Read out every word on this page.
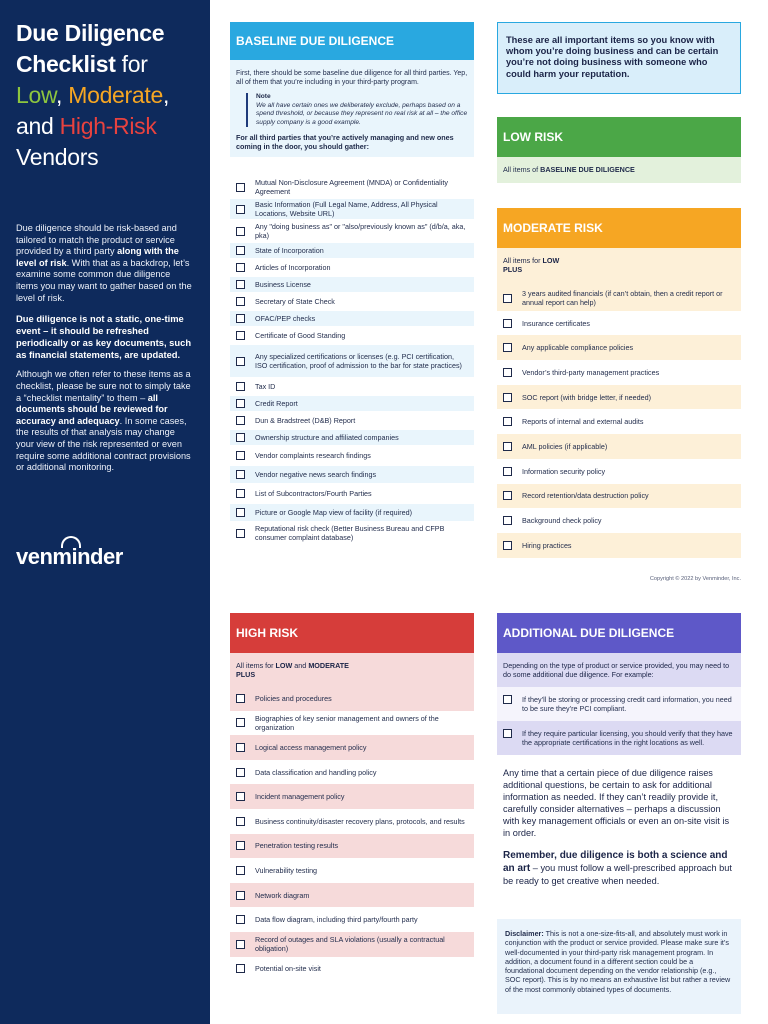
Due Diligence
Checklist for
Low, Moderate,
and High-Risk
Vendors

Due diligence should be risk-based and tailored to match the product or service provided by a third party along with the level of risk. With that as a backdrop, let’s examine some common due diligence items you may want to gather based on the level of risk.

Due diligence is not a static, one-time event – it should be refreshed periodically or as key documents, such as financial statements, are updated.

Although we often refer to these items as a checklist, please be sure not to simply take a “checklist mentality” to them – all documents should be reviewed for accuracy and adequacy. In some cases, the results of that analysis may change your view of the risk represented or even require some additional contract provisions or additional monitoring.

venminder
BASELINE DUE DILIGENCE
First, there should be some baseline due diligence for all third parties. Yep, all of them that you’re including in your third-party program.
Note
We all have certain ones we deliberately exclude, perhaps based on a spend threshold, or because they represent no real risk at all – the office supply company is a good example.
For all third parties that you’re actively managing and new ones coming in the door, you should gather:
Mutual Non-Disclosure Agreement (MNDA) or Confidentiality Agreement
Basic Information (Full Legal Name, Address, All Physical Locations, Website URL)
Any "doing business as" or "also/previously known as" (d/b/a, aka, pka)
State of Incorporation
Articles of Incorporation
Business License
Secretary of State Check
OFAC/PEP checks
Certificate of Good Standing
Any specialized certifications or licenses (e.g. PCI certification, ISO certification, proof of admission to the bar for state practices)
Tax ID
Credit Report
Dun & Bradstreet (D&B) Report
Ownership structure and affiliated companies
Vendor complaints research findings
Vendor negative news search findings
List of Subcontractors/Fourth Parties
Picture or Google Map view of facility (if required)
Reputational risk check (Better Business Bureau and CFPB consumer complaint database)
These are all important items so you know with whom you’re doing business and can be certain you’re not doing business with someone who could harm your reputation.
LOW RISK
All items of BASELINE DUE DILIGENCE
MODERATE RISK
All items for LOW
PLUS
3 years audited financials (if can’t obtain, then a credit report or annual report can help)
Insurance certificates
Any applicable compliance policies
Vendor’s third-party management practices
SOC report (with bridge letter, if needed)
Reports of internal and external audits
AML policies (if applicable)
Information security policy
Record retention/data destruction policy
Background check policy
Hiring practices
Copyright © 2022 by Venminder, Inc.
HIGH RISK
All items for LOW and MODERATE
PLUS
Policies and procedures
Biographies of key senior management and owners of the organization
Logical access management policy
Data classification and handling policy
Incident management policy
Business continuity/disaster recovery plans, protocols, and results
Penetration testing results
Vulnerability testing
Network diagram
Data flow diagram, including third party/fourth party
Record of outages and SLA violations (usually a contractual obligation)
Potential on-site visit
ADDITIONAL DUE DILIGENCE
Depending on the type of product or service provided, you may need to do some additional due diligence. For example:
If they’ll be storing or processing credit card information, you need to be sure they’re PCI compliant.
If they require particular licensing, you should verify that they have the appropriate certifications in the right locations as well.

Any time that a certain piece of due diligence raises additional questions, be certain to ask for additional information as needed. If they can’t readily provide it, carefully consider alternatives – perhaps a discussion with key management officials or even an on-site visit is in order.

Remember, due diligence is both a science and an art – you must follow a well-prescribed approach but be ready to get creative when needed.

Disclaimer: This is not a one-size-fits-all, and absolutely must work in conjunction with the product or service provided. Please make sure it’s well-documented in your third-party risk management program. In addition, a document found in a different section could be a foundational document depending on the vendor relationship (e.g., SOC report). This is by no means an exhaustive list but rather a review of the most commonly obtained types of documents.
